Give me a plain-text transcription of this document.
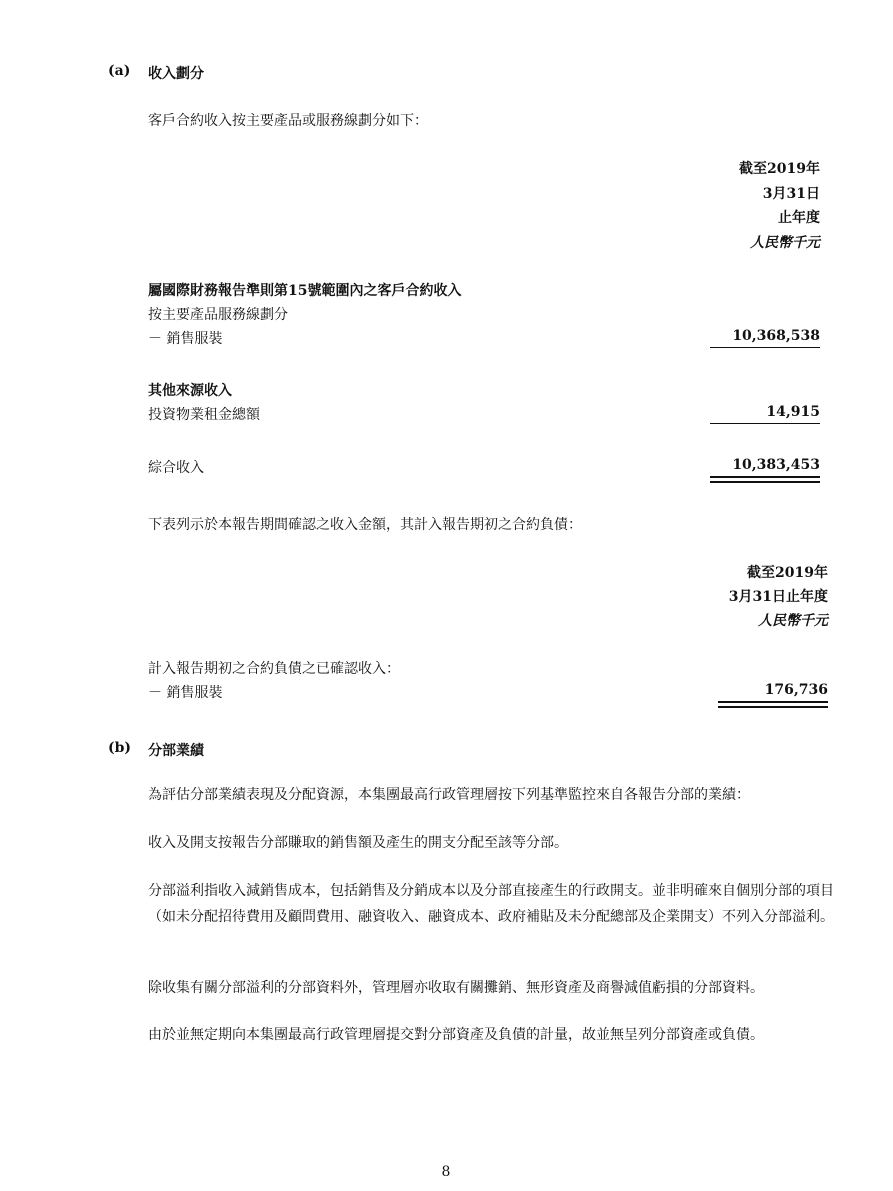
(a) 收入劃分
客戶合約收入按主要產品或服務線劃分如下：
截至2019年
3月31日
止年度
人民幣千元
屬國際財務報告準則第15號範圍內之客戶合約收入
按主要產品服務線劃分
－ 銷售服裝	10,368,538
其他來源收入
投資物業租金總額	14,915
綜合收入	10,383,453
下表列示於本報告期間確認之收入金額，其計入報告期初之合約負債：
截至2019年
3月31日止年度
人民幣千元
計入報告期初之合約負債之已確認收入：
－ 銷售服裝	176,736
(b) 分部業績
為評估分部業績表現及分配資源，本集團最高行政管理層按下列基準監控來自各報告分部的業績：
收入及開支按報告分部賺取的銷售額及產生的開支分配至該等分部。
分部溢利指收入減銷售成本，包括銷售及分銷成本以及分部直接產生的行政開支。並非明確來自個別分部的項目（如未分配招待費用及顧問費用、融資收入、融資成本、政府補貼及未分配總部及企業開支）不列入分部溢利。
除收集有關分部溢利的分部資料外，管理層亦收取有關攤銷、無形資產及商譽減值虧損的分部資料。
由於並無定期向本集團最高行政管理層提交對分部資產及負債的計量，故並無呈列分部資產或負債。
8
